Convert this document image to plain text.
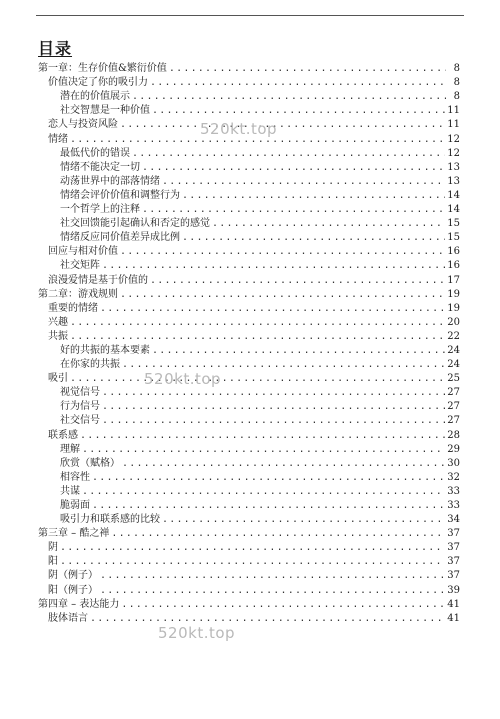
目录
第一章：生存价值&繁衍价值 .....	8
价值决定了你的吸引力 .....	8
潜在的价值展示 .....	8
社交智慧是一种价值 .....	11
恋人与投资风险 .....	11
情绪 .....	12
最低代价的错误 .....	12
情绪不能决定一切 .....	13
动荡世界中的部落情绪 .....	13
情绪会评价价值和调整行为 .....	14
一个哲学上的注释 .....	14
社交回馈能引起确认和否定的感觉 .....	15
情绪反应同价值差异成比例 .....	15
回应与相对价值 .....	16
社交矩阵 .....	16
浪漫爱情是基于价值的 .....	17
第二章：游戏规则 .....	19
重要的情绪 .....	19
兴趣 .....	20
共振 .....	22
好的共振的基本要素 .....	24
在你家的共振 .....	24
吸引 .....	25
视觉信号 .....	27
行为信号 .....	27
社交信号 .....	27
联系感 .....	28
理解 .....	29
欣赏（赋格） .....	30
相容性 .....	32
共谋 .....	33
脆弱面 .....	33
吸引力和联系感的比较 .....	34
第三章 – 酷之禅 .....	37
阴 .....	37
阳 .....	37
阴（例子） .....	37
阳（例子） .....	39
第四章 – 表达能力 .....	41
肢体语言 .....	41
520kt.top
520kt.top
520kt.top
